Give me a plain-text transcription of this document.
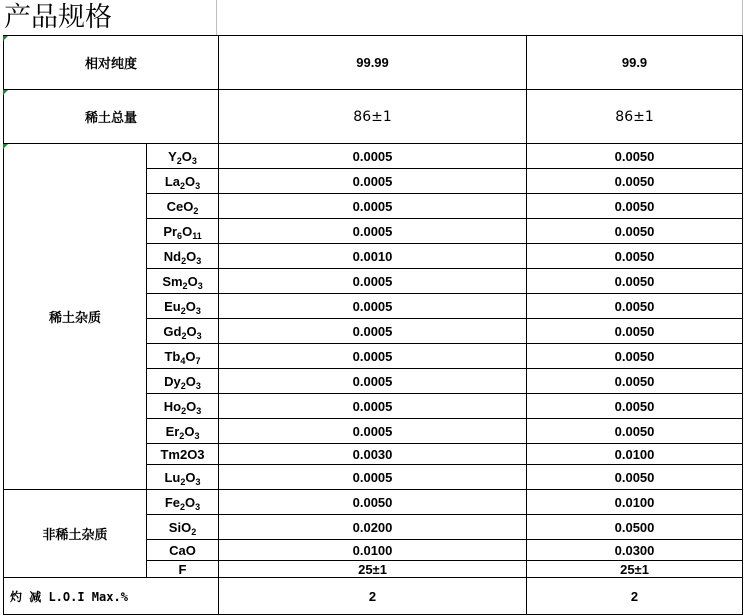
产品规格
相对纯度		99.99	99.9
稀土总量		86±1	86±1
稀土杂质	$Y_2O_3$	0.0005	0.0050
	$La_2O_3$	0.0005	0.0050
	CeO$_2$	0.0005	0.0050
	$Pr_6O_{11}$	0.0005	0.0050
	$Nd_2O_3$	0.0010	0.0050
	$Sm_2O_3$	0.0005	0.0050
	$Eu_2O_3$	0.0005	0.0050
	$Gd_2O_3$	0.0005	0.0050
	$Tb_4O_7$	0.0005	0.0050
	$Dy_2O_3$	0.0005	0.0050
	$Ho_2O_3$	0.0005	0.0050
	$Er_2O_3$	0.0005	0.0050
	Tm2O3	0.0030	0.0100
	$Lu_2O_3$	0.0005	0.0050
非稀土杂质	$Fe_2O_3$	0.0050	0.0100
	SiO$_2$	0.0200	0.0500
	CaO	0.0100	0.0300
	F	25±1	25±1
灼 减 L.O.I Max.%		2	2
